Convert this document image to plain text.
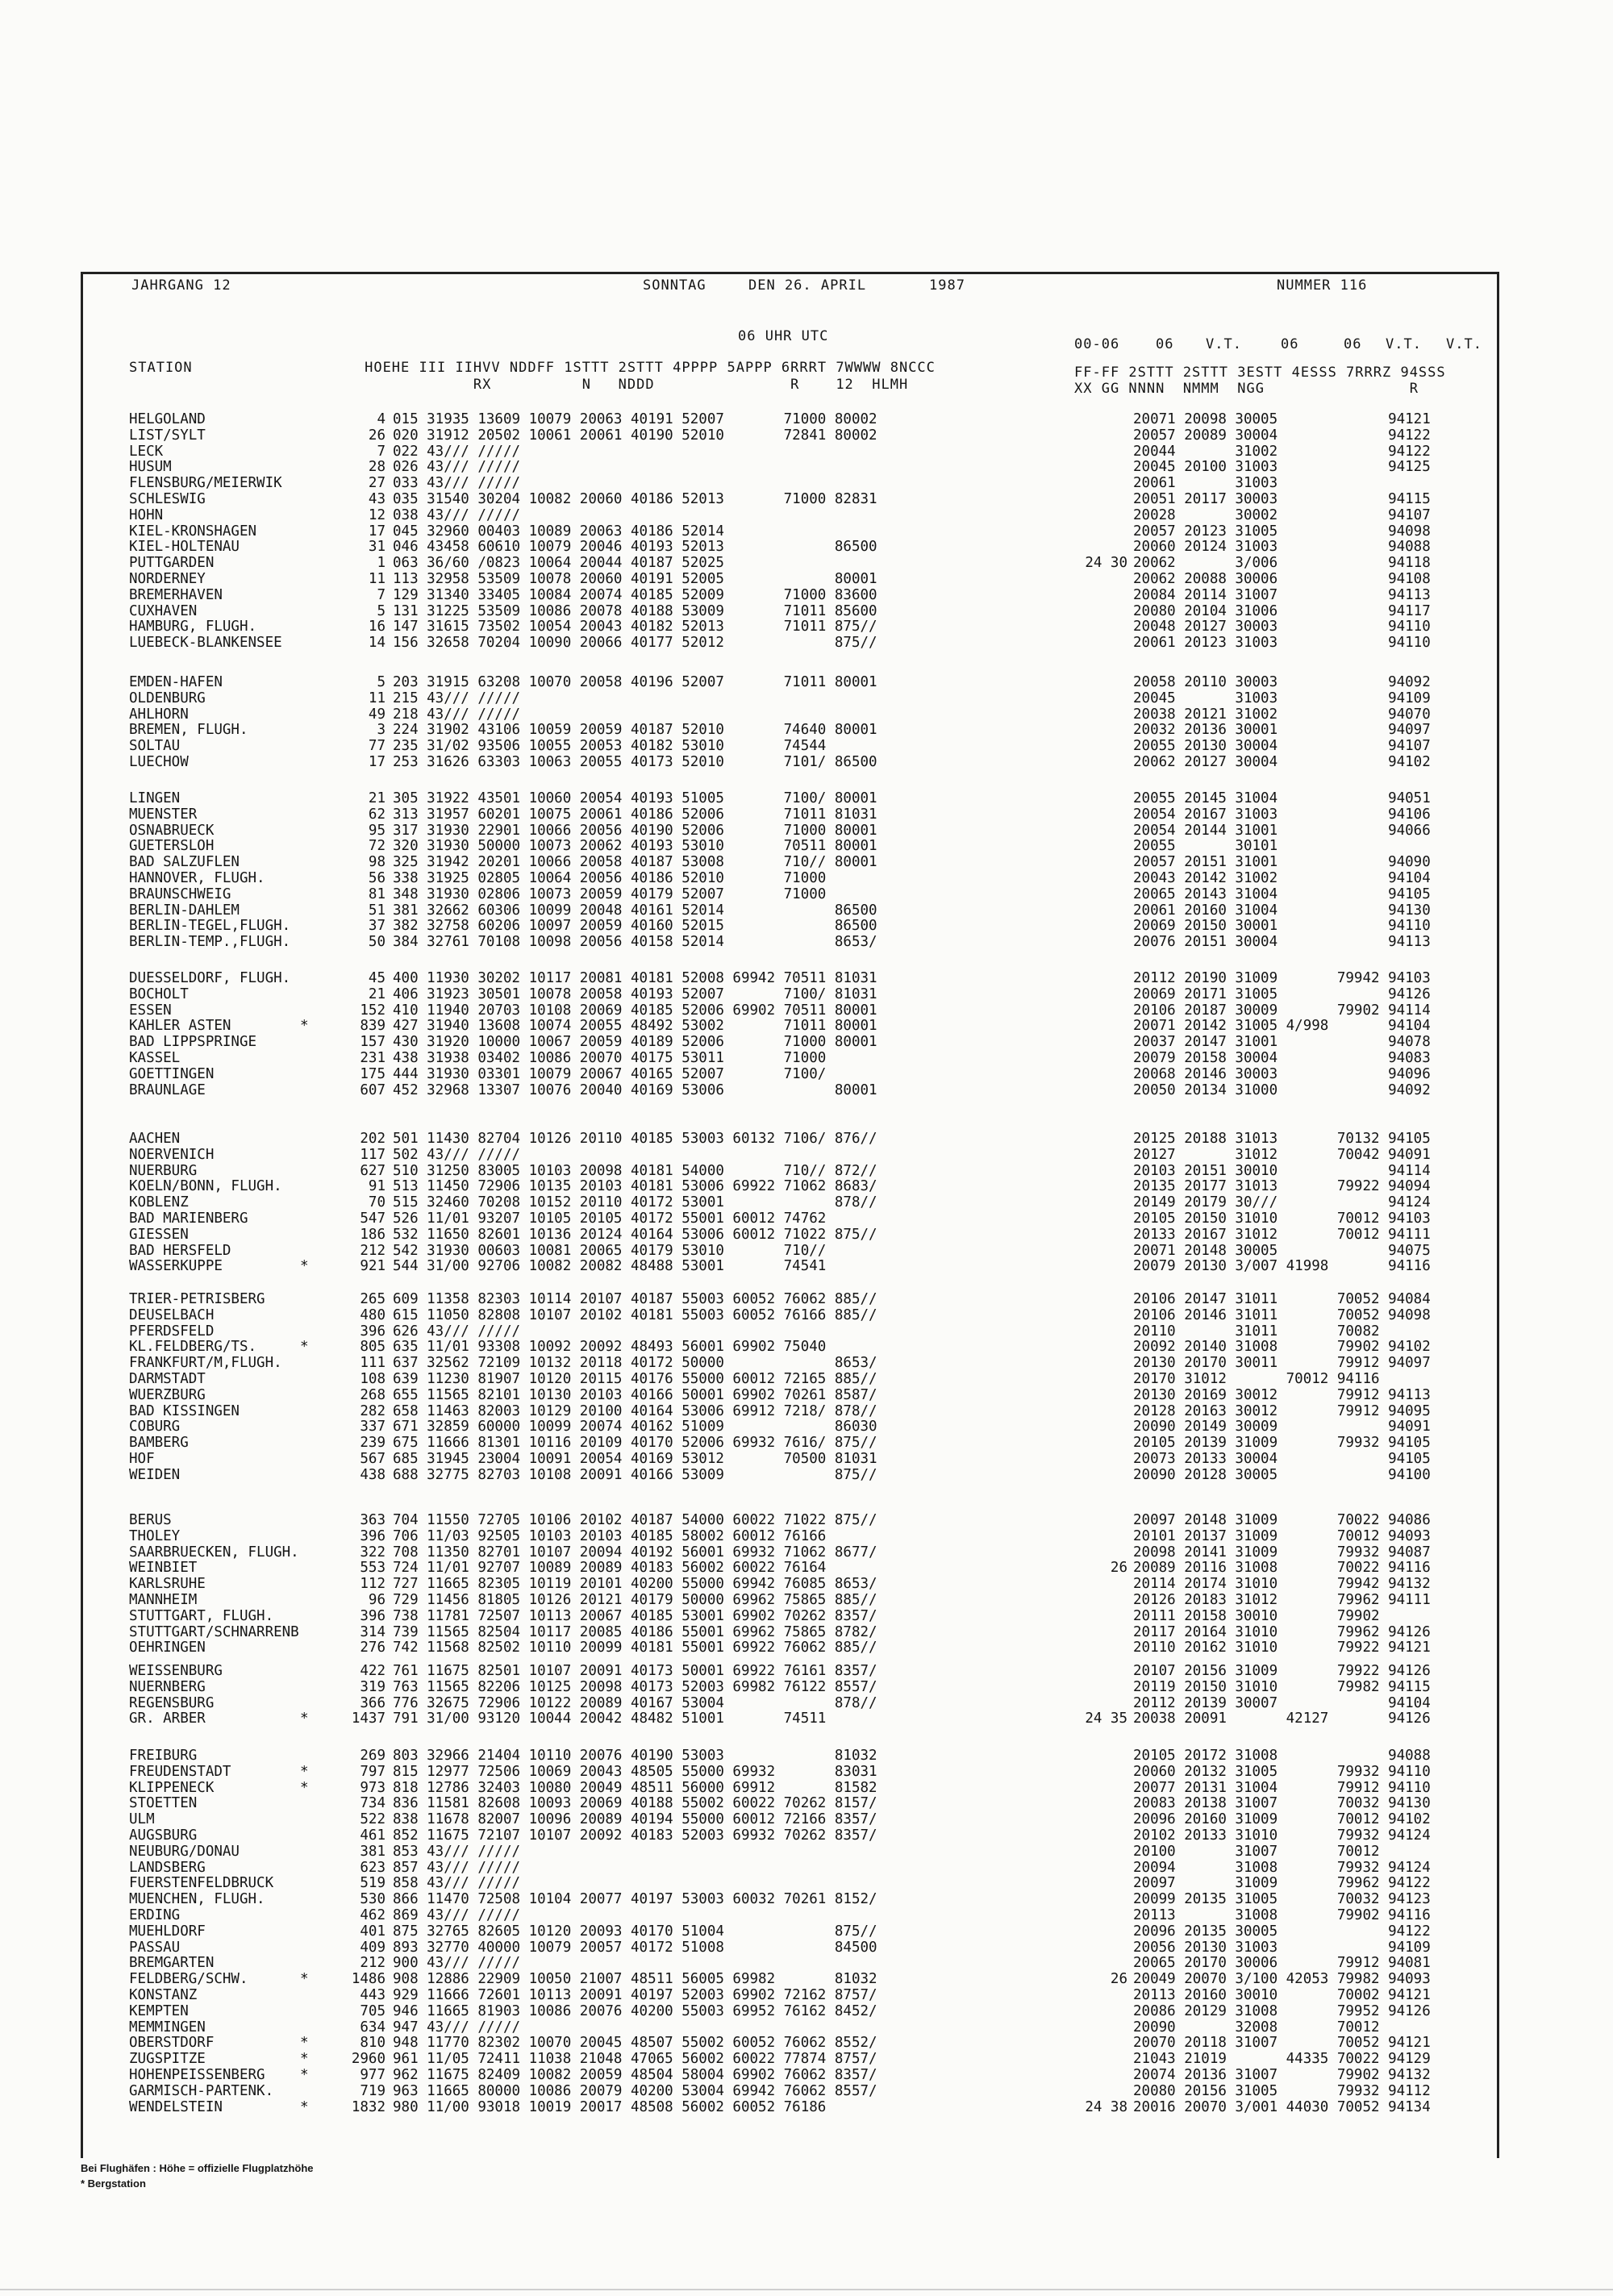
JAHRGANG 12	SONNTAG	DEN 26. APRIL	1987	NUMMER 116
06 UHR UTC	00-06	06 V.T.	06	06 V.T. V.T.
STATION                   HOEHE III IIHVV NDDFF 1STTT 2STTT 4PPPP 5APPP 6RRRT 7WWWW 8NCCC
RX          N   NDDD               R    12  HLMH
FF-FF 2STTT 2STTT 3ESTT 4ESSS 7RRRZ 94SSS
XX GG NNNN  NMMM  NGG                R
HELGOLAND	4 015 31935 13609 10079 20063 40191 52007       71000 80002	20071 20098 30005             94121
LIST/SYLT	26 020 31912 20502 10061 20061 40190 52010       72841 80002	20057 20089 30004             94122
LECK	7 022 43/// /////	20044       31002             94122
HUSUM	28 026 43/// /////	20045 20100 31003             94125
FLENSBURG/MEIERWIK	27 033 43/// /////	20061       31003
SCHLESWIG	43 035 31540 30204 10082 20060 40186 52013       71000 82831	20051 20117 30003             94115
HOHN	12 038 43/// /////	20028       30002             94107
KIEL-KRONSHAGEN	17 045 32960 00403 10089 20063 40186 52014	20057 20123 31005             94098
KIEL-HOLTENAU	31 046 43458 60610 10079 20046 40193 52013             86500	20060 20124 31003             94088
PUTTGARDEN	1 063 36/60 /0823 10064 20044 40187 52025	24 30 20062       3/006             94118
NORDERNEY	11 113 32958 53509 10078 20060 40191 52005             80001	20062 20088 30006             94108
BREMERHAVEN	7 129 31340 33405 10084 20074 40185 52009       71000 83600	20084 20114 31007             94113
CUXHAVEN	5 131 31225 53509 10086 20078 40188 53009       71011 85600	20080 20104 31006             94117
HAMBURG, FLUGH.	16 147 31615 73502 10054 20043 40182 52013       71011 875//	20048 20127 30003             94110
LUEBECK-BLANKENSEE	14 156 32658 70204 10090 20066 40177 52012             875//	20061 20123 31003             94110
EMDEN-HAFEN	5 203 31915 63208 10070 20058 40196 52007       71011 80001	20058 20110 30003             94092
OLDENBURG	11 215 43/// /////	20045       31003             94109
AHLHORN	49 218 43/// /////	20038 20121 31002             94070
BREMEN, FLUGH.	3 224 31902 43106 10059 20059 40187 52010       74640 80001	20032 20136 30001             94097
SOLTAU	77 235 31/02 93506 10055 20053 40182 53010       74544	20055 20130 30004             94107
LUECHOW	17 253 31626 63303 10063 20055 40173 52010       7101/ 86500	20062 20127 30004             94102
LINGEN	21 305 31922 43501 10060 20054 40193 51005       7100/ 80001	20055 20145 31004             94051
MUENSTER	62 313 31957 60201 10075 20061 40186 52006       71011 81031	20054 20167 31003             94106
OSNABRUECK	95 317 31930 22901 10066 20056 40190 52006       71000 80001	20054 20144 31001             94066
GUETERSLOH	72 320 31930 50000 10073 20062 40193 53010       70511 80001	20055       30101
BAD SALZUFLEN	98 325 31942 20201 10066 20058 40187 53008       710// 80001	20057 20151 31001             94090
HANNOVER, FLUGH.	56 338 31925 02805 10064 20056 40186 52010       71000	20043 20142 31002             94104
BRAUNSCHWEIG	81 348 31930 02806 10073 20059 40179 52007       71000	20065 20143 31004             94105
BERLIN-DAHLEM	51 381 32662 60306 10099 20048 40161 52014             86500	20061 20160 31004             94130
BERLIN-TEGEL,FLUGH.	37 382 32758 60206 10097 20059 40160 52015             86500	20069 20150 30001             94110
BERLIN-TEMP.,FLUGH.	50 384 32761 70108 10098 20056 40158 52014             8653/	20076 20151 30004             94113
DUESSELDORF, FLUGH.	45 400 11930 30202 10117 20081 40181 52008 69942 70511 81031	20112 20190 31009       79942 94103
BOCHOLT	21 406 31923 30501 10078 20058 40193 52007       7100/ 81031	20069 20171 31005             94126
ESSEN	152 410 11940 20703 10108 20069 40185 52006 69902 70511 80001	20106 20187 30009       79902 94114
KAHLER ASTEN	*	839 427 31940 13608 10074 20055 48492 53002       71011 80001	20071 20142 31005 4/998       94104
BAD LIPPSPRINGE	157 430 31920 10000 10067 20059 40189 52006       71000 80001	20037 20147 31001             94078
KASSEL	231 438 31938 03402 10086 20070 40175 53011       71000	20079 20158 30004             94083
GOETTINGEN	175 444 31930 03301 10079 20067 40165 52007       7100/	20068 20146 30003             94096
BRAUNLAGE	607 452 32968 13307 10076 20040 40169 53006             80001	20050 20134 31000             94092
AACHEN	202 501 11430 82704 10126 20110 40185 53003 60132 7106/ 876//	20125 20188 31013       70132 94105
NOERVENICH	117 502 43/// /////	20127       31012       70042 94091
NUERBURG	627 510 31250 83005 10103 20098 40181 54000       710// 872//	20103 20151 30010             94114
KOELN/BONN, FLUGH.	91 513 11450 72906 10135 20103 40181 53006 69922 71062 8683/	20135 20177 31013       79922 94094
KOBLENZ	70 515 32460 70208 10152 20110 40172 53001             878//	20149 20179 30///             94124
BAD MARIENBERG	547 526 11/01 93207 10105 20105 40172 55001 60012 74762	20105 20150 31010       70012 94103
GIESSEN	186 532 11650 82601 10136 20124 40164 53006 60012 71022 875//	20133 20167 31012       70012 94111
BAD HERSFELD	212 542 31930 00603 10081 20065 40179 53010       710//	20071 20148 30005             94075
WASSERKUPPE	*	921 544 31/00 92706 10082 20082 48488 53001       74541	20079 20130 3/007 41998       94116
TRIER-PETRISBERG	265 609 11358 82303 10114 20107 40187 55003 60052 76062 885//	20106 20147 31011       70052 94084
DEUSELBACH	480 615 11050 82808 10107 20102 40181 55003 60052 76166 885//	20106 20146 31011       70052 94098
PFERDSFELD	396 626 43/// /////	20110       31011       70082
KL.FELDBERG/TS.	*	805 635 11/01 93308 10092 20092 48493 56001 69902 75040	20092 20140 31008       79902 94102
FRANKFURT/M,FLUGH.	111 637 32562 72109 10132 20118 40172 50000             8653/	20130 20170 30011       79912 94097
DARMSTADT	108 639 11230 81907 10120 20115 40176 55000 60012 72165 885//	20170 31012       70012 94116
WUERZBURG	268 655 11565 82101 10130 20103 40166 50001 69902 70261 8587/	20130 20169 30012       79912 94113
BAD KISSINGEN	282 658 11463 82003 10129 20100 40164 53006 69912 7218/ 878//	20128 20163 30012       79912 94095
COBURG	337 671 32859 60000 10099 20074 40162 51009             86030	20090 20149 30009             94091
BAMBERG	239 675 11666 81301 10116 20109 40170 52006 69932 7616/ 875//	20105 20139 31009       79932 94105
HOF	567 685 31945 23004 10091 20054 40169 53012       70500 81031	20073 20133 30004             94105
WEIDEN	438 688 32775 82703 10108 20091 40166 53009             875//	20090 20128 30005             94100
BERUS	363 704 11550 72705 10106 20102 40187 54000 60022 71022 875//	20097 20148 31009       70022 94086
THOLEY	396 706 11/03 92505 10103 20103 40185 58002 60012 76166	20101 20137 31009       70012 94093
SAARBRUECKEN, FLUGH.	322 708 11350 82701 10107 20094 40192 56001 69932 71062 8677/	20098 20141 31009       79932 94087
WEINBIET	553 724 11/01 92707 10089 20089 40183 56002 60022 76164	26 20089 20116 31008       70022 94116
KARLSRUHE	112 727 11665 82305 10119 20101 40200 55000 69942 76085 8653/	20114 20174 31010       79942 94132
MANNHEIM	96 729 11456 81805 10126 20121 40179 50000 69962 75865 885//	20126 20183 31012       79962 94111
STUTTGART, FLUGH.	396 738 11781 72507 10113 20067 40185 53001 69902 70262 8357/	20111 20158 30010       79902
STUTTGART/SCHNARRENB	314 739 11565 82504 10117 20085 40186 55001 69962 75865 8782/	20117 20164 31010       79962 94126
OEHRINGEN	276 742 11568 82502 10110 20099 40181 55001 69922 76062 885//	20110 20162 31010       79922 94121
WEISSENBURG	422 761 11675 82501 10107 20091 40173 50001 69922 76161 8357/	20107 20156 31009       79922 94126
NUERNBERG	319 763 11565 82206 10125 20098 40173 52003 69982 76122 8557/	20119 20150 31010       79982 94115
REGENSBURG	366 776 32675 72906 10122 20089 40167 53004             878//	20112 20139 30007             94104
GR. ARBER	*	1437 791 31/00 93120 10044 20042 48482 51001       74511	24 35 20038 20091       42127       94126
FREIBURG	269 803 32966 21404 10110 20076 40190 53003             81032	20105 20172 31008             94088
FREUDENSTADT	*	797 815 12977 72506 10069 20043 48505 55000 69932       83031	20060 20132 31005       79932 94110
KLIPPENECK	*	973 818 12786 32403 10080 20049 48511 56000 69912       81582	20077 20131 31004       79912 94110
STOETTEN	734 836 11581 82608 10093 20069 40188 55002 60022 70262 8157/	20083 20138 31007       70032 94130
ULM	522 838 11678 82007 10096 20089 40194 55000 60012 72166 8357/	20096 20160 31009       70012 94102
AUGSBURG	461 852 11675 72107 10107 20092 40183 52003 69932 70262 8357/	20102 20133 31010       79932 94124
NEUBURG/DONAU	381 853 43/// /////	20100       31007       70012
LANDSBERG	623 857 43/// /////	20094       31008       79932 94124
FUERSTENFELDBRUCK	519 858 43/// /////	20097       31009       79962 94122
MUENCHEN, FLUGH.	530 866 11470 72508 10104 20077 40197 53003 60032 70261 8152/	20099 20135 31005       70032 94123
ERDING	462 869 43/// /////	20113       31008       79902 94116
MUEHLDORF	401 875 32765 82605 10120 20093 40170 51004             875//	20096 20135 30005             94122
PASSAU	409 893 32770 40000 10079 20057 40172 51008             84500	20056 20130 31003             94109
BREMGARTEN	212 900 43/// /////	20065 20170 30006       79912 94081
FELDBERG/SCHW.	*	1486 908 12886 22909 10050 21007 48511 56005 69982       81032	26 20049 20070 3/100 42053 79982 94093
KONSTANZ	443 929 11666 72601 10113 20091 40197 52003 69902 72162 8757/	20113 20160 30010       70002 94121
KEMPTEN	705 946 11665 81903 10086 20076 40200 55003 69952 76162 8452/	20086 20129 31008       79952 94126
MEMMINGEN	634 947 43/// /////	20090       32008       70012
OBERSTDORF	*	810 948 11770 82302 10070 20045 48507 55002 60052 76062 8552/	20070 20118 31007       70052 94121
ZUGSPITZE	*	2960 961 11/05 72411 11038 21048 47065 56002 60022 77874 8757/	21043 21019       44335 70022 94129
HOHENPEISSENBERG *	977 962 11675 82409 10082 20059 48504 58004 69902 76062 8357/	20074 20136 31007       79902 94132
GARMISCH-PARTENK.	719 963 11665 80000 10086 20079 40200 53004 69942 76062 8557/	20080 20156 31005       79932 94112
WENDELSTEIN	*	1832 980 11/00 93018 10019 20017 48508 56002 60052 76186	24 38 20016 20070 3/001 44030 70052 94134
Bei Flughäfen : Höhe = offizielle Flugplatzhöhe
* Bergstation
